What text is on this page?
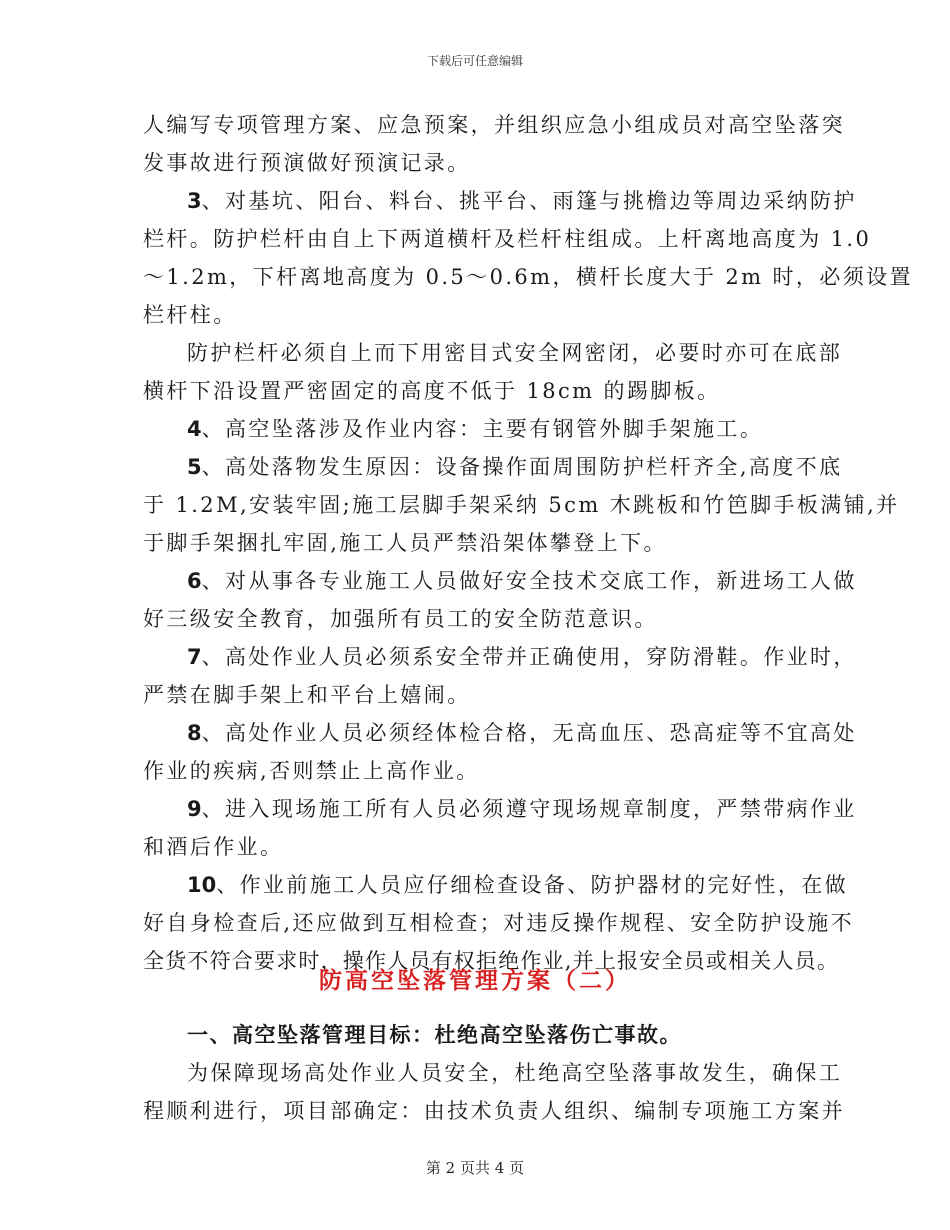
下载后可任意编辑
人编写专项管理方案、应急预案，并组织应急小组成员对高空坠落突
发事故进行预演做好预演记录。
3、对基坑、阳台、料台、挑平台、雨篷与挑檐边等周边采纳防护
栏杆。防护栏杆由自上下两道横杆及栏杆柱组成。上杆离地高度为 1.0
～1.2m，下杆离地高度为 0.5～0.6m，横杆长度大于 2m 时，必须设置
栏杆柱。
防护栏杆必须自上而下用密目式安全网密闭，必要时亦可在底部
横杆下沿设置严密固定的高度不低于 18cm 的踢脚板。
4、高空坠落涉及作业内容：主要有钢管外脚手架施工。
5、高处落物发生原因：设备操作面周围防护栏杆齐全,高度不底
于 1.2M,安装牢固;施工层脚手架采纳 5cm 木跳板和竹笆脚手板满铺,并
于脚手架捆扎牢固,施工人员严禁沿架体攀登上下。
6、对从事各专业施工人员做好安全技术交底工作，新进场工人做
好三级安全教育，加强所有员工的安全防范意识。
7、高处作业人员必须系安全带并正确使用，穿防滑鞋。作业时，
严禁在脚手架上和平台上嬉闹。
8、高处作业人员必须经体检合格，无高血压、恐高症等不宜高处
作业的疾病,否则禁止上高作业。
9、进入现场施工所有人员必须遵守现场规章制度，严禁带病作业
和酒后作业。
10、作业前施工人员应仔细检查设备、防护器材的完好性，在做
好自身检查后,还应做到互相检查；对违反操作规程、安全防护设施不
全货不符合要求时，操作人员有权拒绝作业,并上报安全员或相关人员。
防高空坠落管理方案（二）
一、高空坠落管理目标：杜绝高空坠落伤亡事故。
为保障现场高处作业人员安全，杜绝高空坠落事故发生，确保工
程顺利进行，项目部确定：由技术负责人组织、编制专项施工方案并
第 2 页共 4 页
